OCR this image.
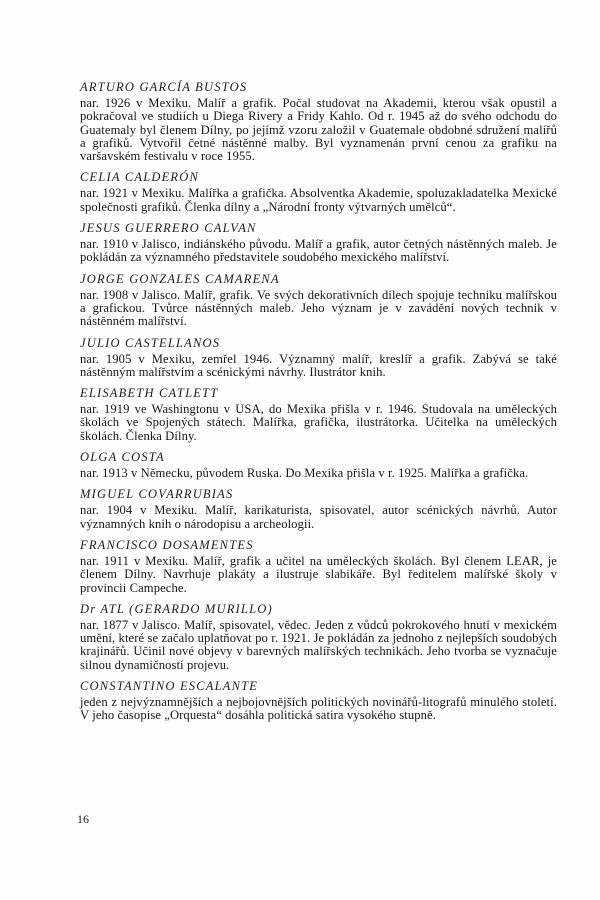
ARTURO GARCÍA BUSTOS

nar. 1926 v Mexiku. Malíř a grafik. Počal studovat na Akademii, kterou však opustil a pokračoval ve studiích u Diega Rivery a Fridy Kahlo. Od r. 1945 až do svého odchodu do Guatemaly byl členem Dílny, po jejímž vzoru založil v Guatemale obdobné sdružení malířů a grafiků. Vytvořil četné nástěnné malby. Byl vyznamenán první cenou za grafiku na varšavském festivalu v roce 1955.

CELIA CALDERÓN

nar. 1921 v Mexiku. Malířka a grafička. Absolventka Akademie, spoluzakladatelka Mexické společnosti grafiků. Členka dílny a „Národní fronty výtvarných umělců“.

JESUS GUERRERO CALVAN

nar. 1910 v Jalisco, indiánského původu. Malíř a grafik, autor četných nástěnných maleb. Je pokládán za významného představitele soudobého mexického malířství.

JORGE GONZALES CAMARENA

nar. 1908 v Jalisco. Malíř, grafik. Ve svých dekorativních dílech spojuje techniku malířskou a grafickou. Tvůrce nástěnných maleb. Jeho význam je v zavádění nových technik v nástěnném malířství.

JULIO CASTELLANOS

nar. 1905 v Mexiku, zemřel 1946. Významný malíř, kreslíř a grafik. Zabývá se také nástěnným malířstvím a scénickými návrhy. Ilustrátor knih.

ELISABETH CATLETT

nar. 1919 ve Washingtonu v USA, do Mexika přišla v r. 1946. Studovala na uměleckých školách ve Spojených státech. Malířka, grafička, ilustrátorka. Učitelka na uměleckých školách. Členka Dílny.

OLGA COSTA

nar. 1913 v Německu, původem Ruska. Do Mexika přišla v r. 1925. Malířka a grafička.

MIGUEL COVARRUBIAS

nar. 1904 v Mexiku. Malíř, karikaturista, spisovatel, autor scénických návrhů. Autor významných knih o národopisu a archeologii.

FRANCISCO DOSAMENTES

nar. 1911 v Mexiku. Malíř, grafik a učitel na uměleckých školách. Byl členem LEAR, je členem Dílny. Navrhuje plakáty a ilustruje slabikáře. Byl ředitelem malířské školy v provincii Campeche.

Dr ATL (GERARDO MURILLO)

nar. 1877 v Jalisco. Malíř, spisovatel, vědec. Jeden z vůdců pokrokového hnutí v mexickém umění, které se začalo uplatňovat po r. 1921. Je pokládán za jednoho z nejlepších soudobých krajinářů. Učinil nové objevy v barevných malířských technikách. Jeho tvorba se vyznačuje silnou dynamičností projevu.

CONSTANTINO ESCALANTE

jeden z nejvýznamnějších a nejbojovnějších politických novinářů-litografů minulého století. V jeho časopise „Orquesta“ dosáhla politická satira vysokého stupně.

16
